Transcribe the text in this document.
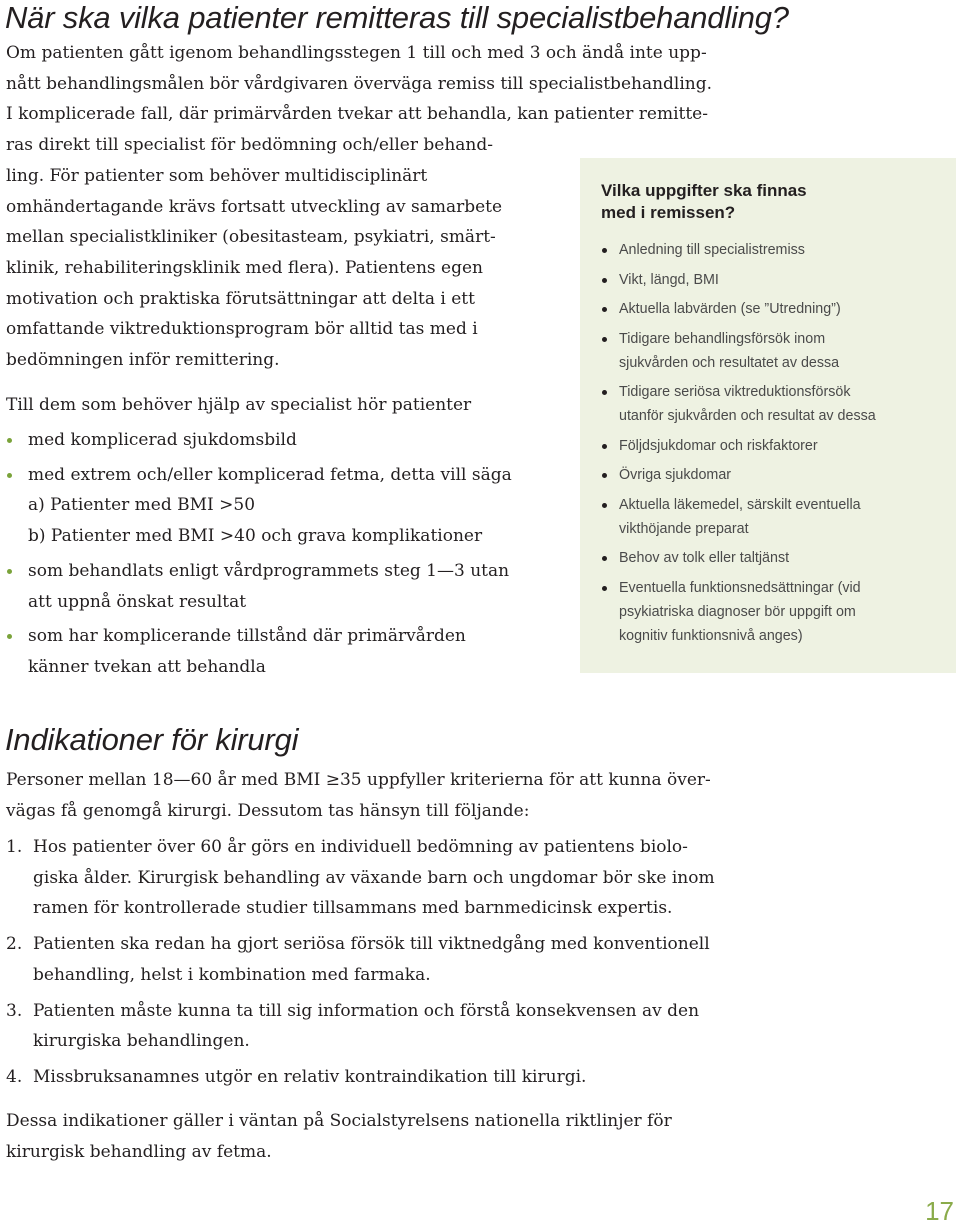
När ska vilka patienter remitteras till specialistbehandling?
Om patienten gått igenom behandlingsstegen 1 till och med 3 och ändå inte upp-
nått behandlingsmålen bör vårdgivaren överväga remiss till specialistbehandling.
I komplicerade fall, där primärvården tvekar att behandla, kan patienter remitte-
ras direkt till specialist för bedömning och/eller behand-
ling. För patienter som behöver multidisciplinärt
omhändertagande krävs fortsatt utveckling av samarbete
mellan specialistkliniker (obesitasteam, psykiatri, smärt-
klinik, rehabiliteringsklinik med flera). Patientens egen
motivation och praktiska förutsättningar att delta i ett
omfattande viktreduktionsprogram bör alltid tas med i
bedömningen inför remittering.

Till dem som behöver hjälp av specialist hör patienter

med komplicerad sjukdomsbild
med extrem och/eller komplicerad fetma, detta vill säga
a) Patienter med BMI >50
b) Patienter med BMI >40 och grava komplikationer
som behandlats enligt vårdprogrammets steg 1—3 utan
att uppnå önskat resultat
som har komplicerande tillstånd där primärvården
känner tvekan att behandla
Vilka uppgifter ska finnas
med i remissen?
Anledning till specialistremiss
Vikt, längd, BMI
Aktuella labvärden (se ”Utredning”)
Tidigare behandlingsförsök inom
sjukvården och resultatet av dessa
Tidigare seriösa viktreduktionsförsök
utanför sjukvården och resultat av dessa
Följdsjukdomar och riskfaktorer
Övriga sjukdomar
Aktuella läkemedel, särskilt eventuella
vikthöjande preparat
Behov av tolk eller taltjänst
Eventuella funktionsnedsättningar (vid
psykiatriska diagnoser bör uppgift om
kognitiv funktionsnivå anges)
Indikationer för kirurgi
Personer mellan 18—60 år med BMI ≥35 uppfyller kriterierna för att kunna över-
vägas få genomgå kirurgi. Dessutom tas hänsyn till följande:
1. Hos patienter över 60 år görs en individuell bedömning av patientens biolo-
giska ålder. Kirurgisk behandling av växande barn och ungdomar bör ske inom
ramen för kontrollerade studier tillsammans med barnmedicinsk expertis.
2. Patienten ska redan ha gjort seriösa försök till viktnedgång med konventionell
behandling, helst i kombination med farmaka.
3. Patienten måste kunna ta till sig information och förstå konsekvensen av den
kirurgiska behandlingen.
4. Missbruksanamnes utgör en relativ kontraindikation till kirurgi.
Dessa indikationer gäller i väntan på Socialstyrelsens nationella riktlinjer för
kirurgisk behandling av fetma.

17
